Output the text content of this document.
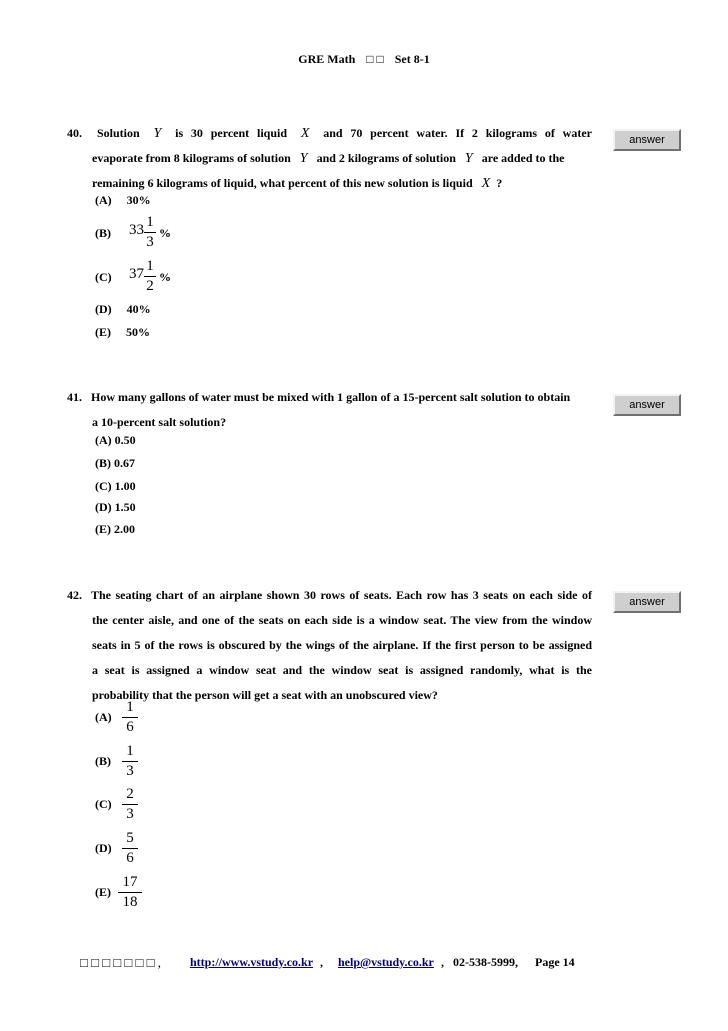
GRE Math □ □ Set 8-1
40.	Solution Y is 30 percent liquid X and 70 percent water. If 2 kilograms of water
evaporate from 8 kilograms of solution Y and 2 kilograms of solution Y are added to the
remaining 6 kilograms of liquid, what percent of this new solution is liquid X ?
answer
(A) 30%
(B) 33 1
3
%
(C) 37 1
2
%
(D) 40%
(E) 50%
41. How many gallons of water must be mixed with 1 gallon of a 15-percent salt solution to obtain
a 10-percent salt solution?
answer
(A) 0.50
(B) 0.67
(C) 1.00
(D) 1.50
(E) 2.00
42. The seating chart of an airplane shown 30 rows of seats. Each row has 3 seats on each side of
the center aisle, and one of the seats on each side is a window seat. The view from the window
seats in 5 of the rows is obscured by the wings of the airplane. If the first person to be assigned
a seat is assigned a window seat and the window seat is assigned randomly, what is the
probability that the person will get a seat with an unobscured view?
answer
(A)
1
6
(B)
1
3
(C)
2
3
(D)
5
6
(E)
17
18
□ □ □ □ □ □ □ , http://www.vstudy.co.kr , help@vstudy.co.kr , 02-538-5999, Page 14
